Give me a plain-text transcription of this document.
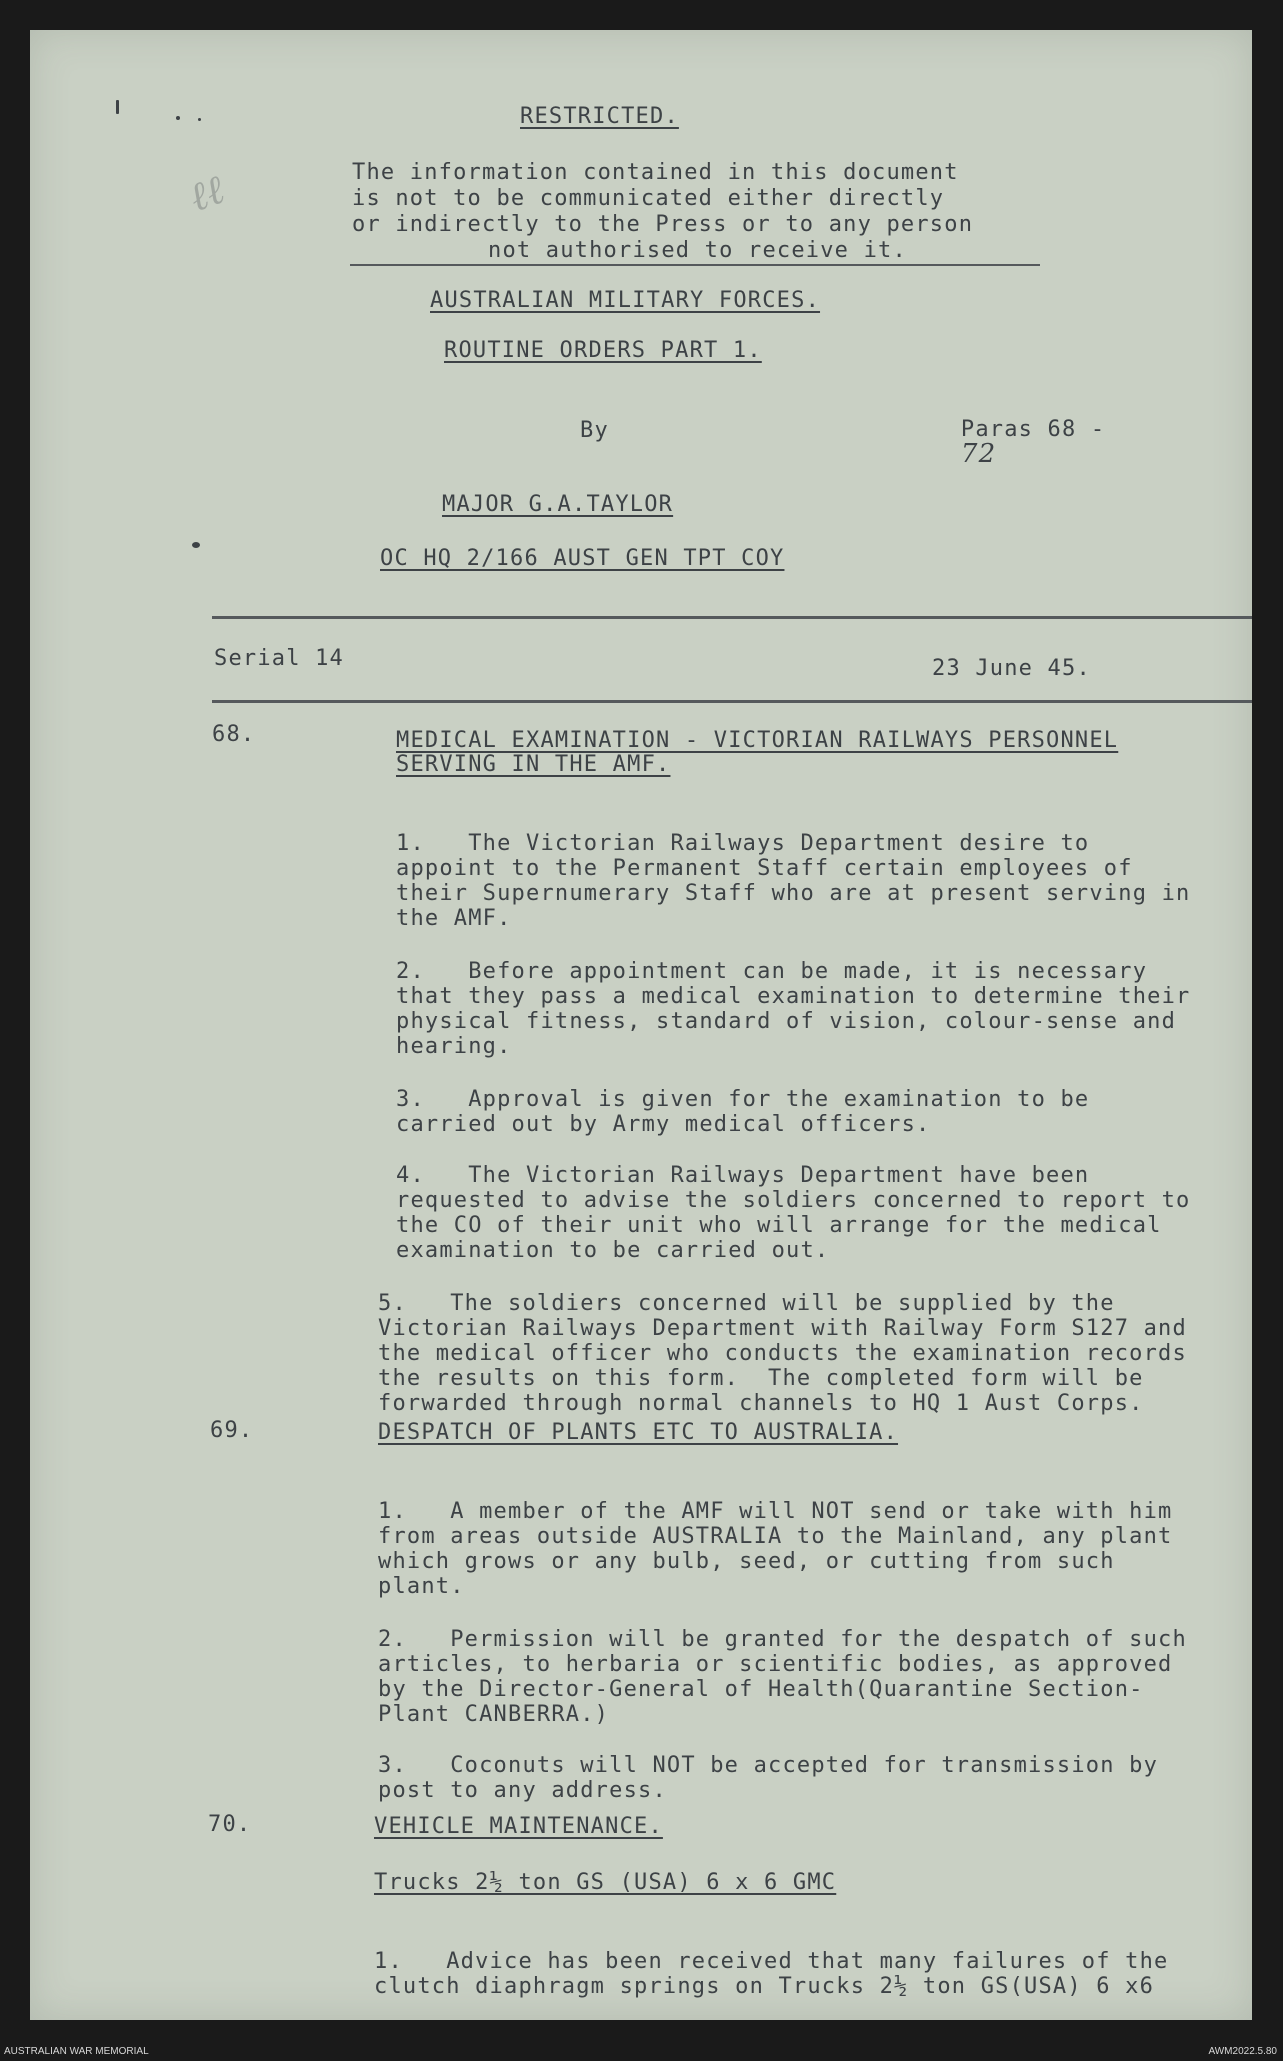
ℓℓ
RESTRICTED.
The information contained in this document
is not to be communicated either directly
or indirectly to the Press or to any person
not authorised to receive it.
AUSTRALIAN MILITARY FORCES.
ROUTINE ORDERS PART 1.

Paras 68 -
72

By
MAJOR G.A.TAYLOR
OC HQ 2/166 AUST GEN TPT COY
Serial 14	23 June 45.
68.	MEDICAL EXAMINATION - VICTORIAN RAILWAYS PERSONNEL
SERVING IN THE AMF.

1.   The Victorian Railways Department desire to
appoint to the Permanent Staff certain employees of
their Supernumerary Staff who are at present serving in
the AMF.

2.   Before appointment can be made, it is necessary
that they pass a medical examination to determine their
physical fitness, standard of vision, colour-sense and
hearing.

3.   Approval is given for the examination to be
carried out by Army medical officers.

4.   The Victorian Railways Department have been
requested to advise the soldiers concerned to report to
the CO of their unit who will arrange for the medical
examination to be carried out.

5.   The soldiers concerned will be supplied by the
Victorian Railways Department with Railway Form S127 and
the medical officer who conducts the examination records
the results on this form.  The completed form will be
forwarded through normal channels to HQ 1 Aust Corps.
69.	DESPATCH OF PLANTS ETC TO AUSTRALIA.

1.   A member of the AMF will NOT send or take with him
from areas outside AUSTRALIA to the Mainland, any plant
which grows or any bulb, seed, or cutting from such
plant.

2.   Permission will be granted for the despatch of such
articles, to herbaria or scientific bodies, as approved
by the Director-General of Health(Quarantine Section-
Plant CANBERRA.)

3.   Coconuts will NOT be accepted for transmission by
post to any address.
70.	VEHICLE MAINTENANCE.
Trucks 2½ ton GS (USA) 6 x 6 GMC

1.   Advice has been received that many failures of the
clutch diaphragm springs on Trucks 2½ ton GS(USA) 6 x6
AUSTRALIAN WAR MEMORIAL	AWM2022.5.80
